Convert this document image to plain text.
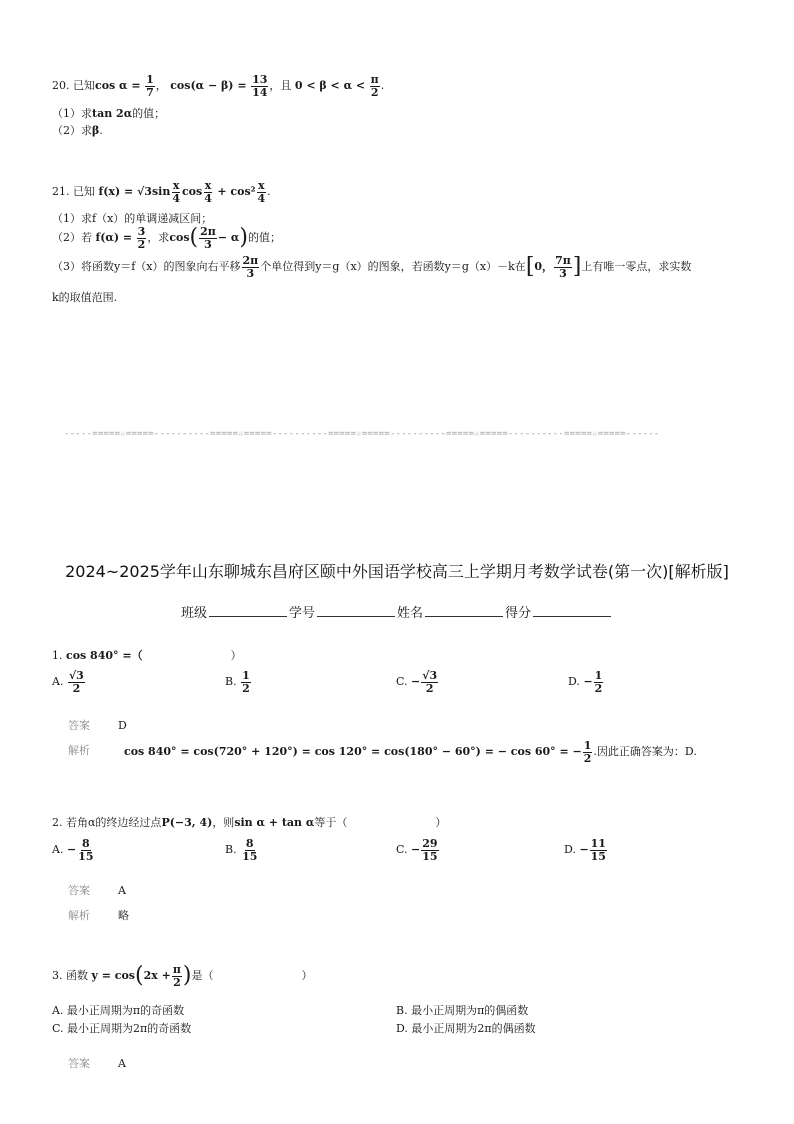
20. 已知$\cos \alpha = \frac{1}{7}$ ， $\cos(\alpha - \beta) = \frac{13}{14}$ ，且 $0 < \beta < \alpha < \frac{\pi}{2}$ .
（1）求tan 2α的值；
（2）求β.
21. 已知 $f(x) = √3\sin \frac{x}{4}$ $\cos \frac{x}{4} + \cos^2 \frac{x}{4}$ .
（1）求f（x）的单调递减区间；
（2）若 $f(\alpha) = \frac{3}{2}$ ，求$\cos( \frac{2\pi}{3} - \alpha)$的值；
（3）将函数y＝f（x）的图象向右平移 $\frac{2\pi}{3}$ 个单位得到y＝g（x）的图象，若函数y＝g（x）－k在[0， $\frac{7\pi}{3}$ ]上有唯一零点，求实数
k的取值范围.
-----=====☆=====----------=====☆=====----------=====☆=====----------=====☆=====----------=====☆=====------
2024~2025学年山东聊城东昌府区颐中外国语学校高三上学期月考数学试卷(第一次)[解析版]
班级	学号	姓名	得分
1. cos 840° =（	）
A. $\frac{√3}{2}$	B. $\frac{1}{2}$	C. − $\frac{√3}{2}$	D. − $\frac{1}{2}$
答案	D
解析	cos 840° = cos(720° + 120°) = cos 120° = cos(180° − 60°) = − cos 60° = − $\frac{1}{2}$ .因此正确答案为：D.
2. 若角α的终边经过点P(−3, 4)，则sin α + tan α等于（	）
A. − $\frac{8}{15}$	B. $\frac{8}{15}$	C. − $\frac{29}{15}$	D. − $\frac{11}{15}$
答案	A
解析	略
3. 函数 $y = \cos(2x + \frac{\pi}{2}$ )是（	）
A. 最小正周期为π的奇函数	B. 最小正周期为π的偶函数
C. 最小正周期为2π的奇函数	D. 最小正周期为2π的偶函数
答案	A
